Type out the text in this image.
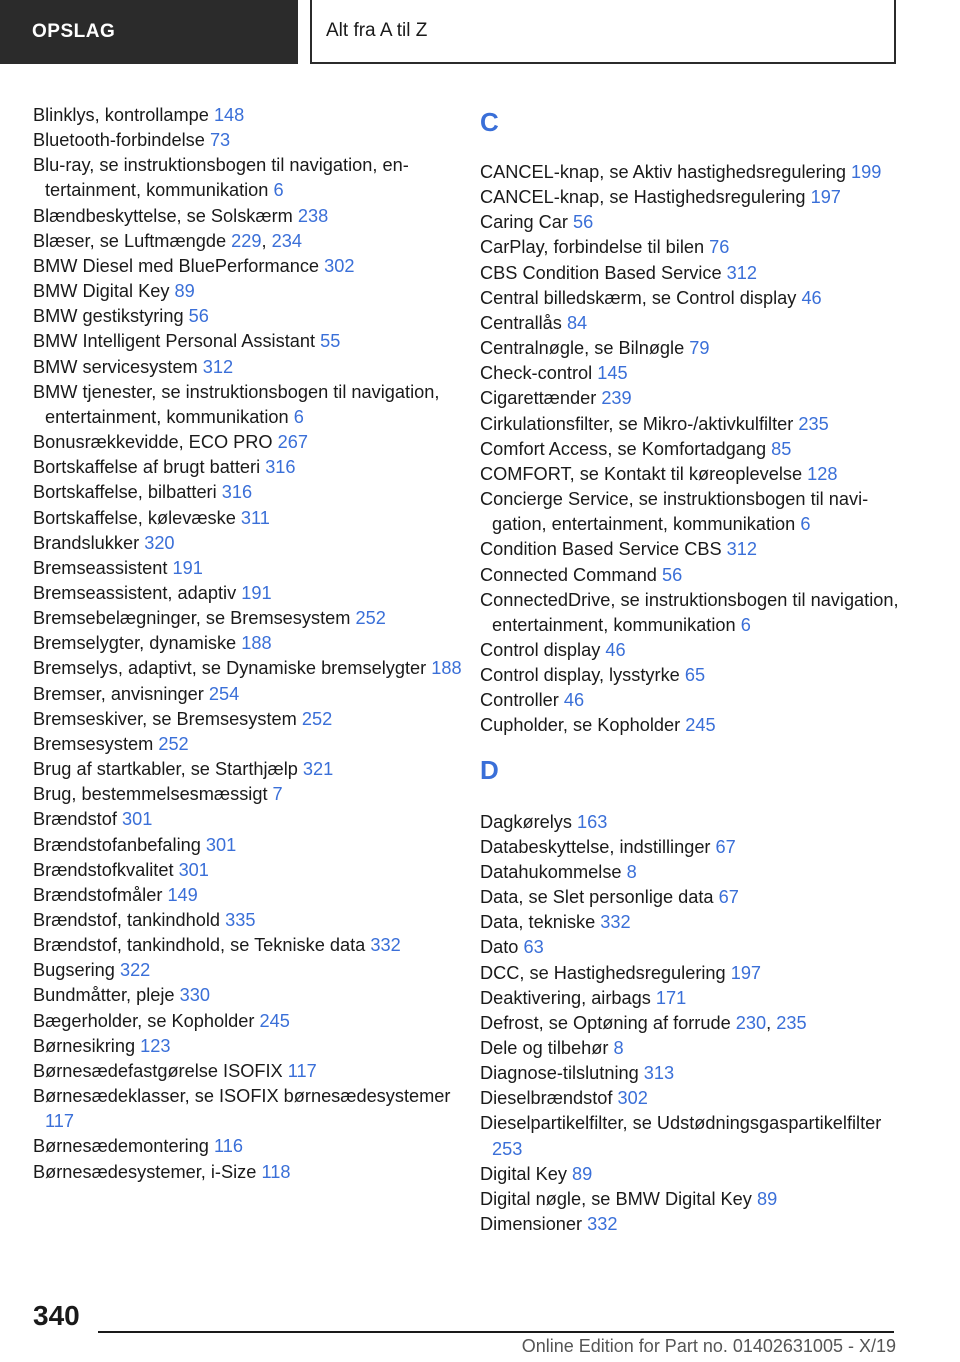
OPSLAG	Alt fra A til Z
Blinklys, kontrollampe 148
Bluetooth-forbindelse 73
Blu-ray, se instruktionsbogen til navigation, entertainment, kommunikation 6
Blændbeskyttelse, se Solskærm 238
Blæser, se Luftmængde 229, 234
BMW Diesel med BluePerformance 302
BMW Digital Key 89
BMW gestikstyring 56
BMW Intelligent Personal Assistant 55
BMW servicesystem 312
BMW tjenester, se instruktionsbogen til navigation, entertainment, kommunikation 6
Bonusrækkevidde, ECO PRO 267
Bortskaffelse af brugt batteri 316
Bortskaffelse, bilbatteri 316
Bortskaffelse, kølevæske 311
Brandslukker 320
Bremseassistent 191
Bremseassistent, adaptiv 191
Bremsebelægninger, se Bremsesystem 252
Bremselygter, dynamiske 188
Bremselys, adaptivt, se Dynamiske bremselygter 188
Bremser, anvisninger 254
Bremseskiver, se Bremsesystem 252
Bremsesystem 252
Brug af startkabler, se Starthjælp 321
Brug, bestemmelsesmæssigt 7
Brændstof 301
Brændstofanbefaling 301
Brændstofkvalitet 301
Brændstofmåler 149
Brændstof, tankindhold 335
Brændstof, tankindhold, se Tekniske data 332
Bugsering 322
Bundmåtter, pleje 330
Bægerholder, se Kopholder 245
Børnesikring 123
Børnesædefastgørelse ISOFIX 117
Børnesædeklasser, se ISOFIX børnesædesystemer 117
Børnesædemontering 116
Børnesædesystemer, i-Size 118
C
CANCEL-knap, se Aktiv hastighedsregulering 199
CANCEL-knap, se Hastighedsregulering 197
Caring Car 56
CarPlay, forbindelse til bilen 76
CBS Condition Based Service 312
Central billedskærm, se Control display 46
Centrallås 84
Centralnøgle, se Bilnøgle 79
Check-control 145
Cigarettænder 239
Cirkulationsfilter, se Mikro-/aktivkulfilter 235
Comfort Access, se Komfortadgang 85
COMFORT, se Kontakt til køreoplevelse 128
Concierge Service, se instruktionsbogen til navigation, entertainment, kommunikation 6
Condition Based Service CBS 312
Connected Command 56
ConnectedDrive, se instruktionsbogen til navigation, entertainment, kommunikation 6
Control display 46
Control display, lysstyrke 65
Controller 46
Cupholder, se Kopholder 245
D
Dagkørelys 163
Databeskyttelse, indstillinger 67
Datahukommelse 8
Data, se Slet personlige data 67
Data, tekniske 332
Dato 63
DCC, se Hastighedsregulering 197
Deaktivering, airbags 171
Defrost, se Optøning af forrude 230, 235
Dele og tilbehør 8
Diagnose-tilslutning 313
Dieselbrændstof 302
Dieselpartikelfilter, se Udstødningsgaspartikelfilter 253
Digital Key 89
Digital nøgle, se BMW Digital Key 89
Dimensioner 332
340
Online Edition for Part no. 01402631005 - X/19
